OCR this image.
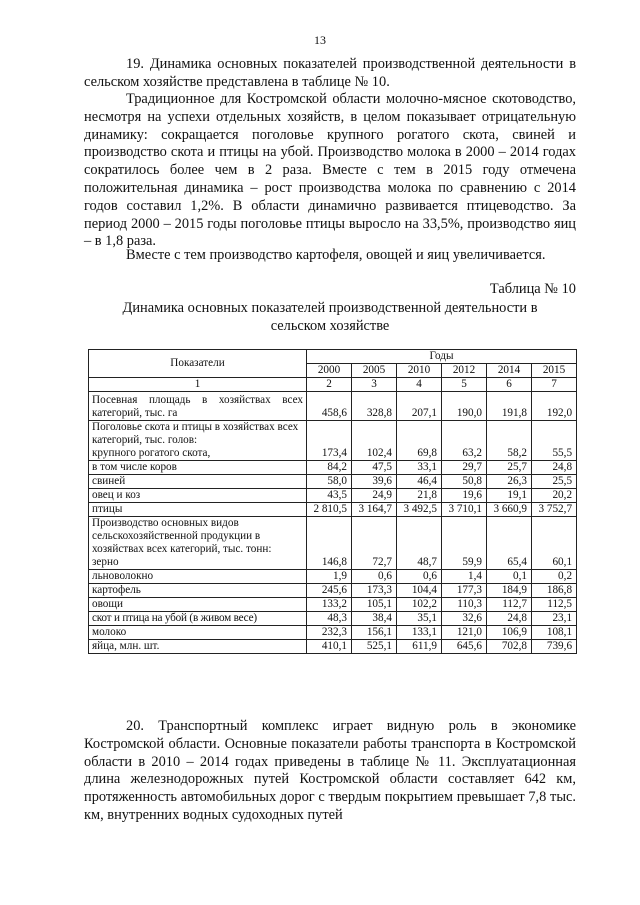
13

19. Динамика основных показателей производственной деятельности в сельском хозяйстве представлена в таблице № 10.

Традиционное для Костромской области молочно-мясное скотоводство, несмотря на успехи отдельных хозяйств, в целом показывает отрицательную динамику: сокращается поголовье крупного рогатого скота, свиней и производство скота и птицы на убой. Производство молока в 2000 – 2014 годах сократилось более чем в 2 раза. Вместе с тем в 2015 году отмечена положительная динамика – рост производства молока по сравнению с 2014 годов составил 1,2%. В области динамично развивается птицеводство. За период 2000 – 2015 годы поголовье птицы выросло на 33,5%, производство яиц – в 1,8 раза.

Вместе с тем производство картофеля, овощей и яиц увеличивается.

Таблица № 10
Динамика основных показателей производственной деятельности в сельском хозяйстве
Показатели	Годы					
	2000	2005	2010	2012	2014	2015
1	2	3	4	5	6	7
Посевная площадь в хозяйствах всех категорий, тыс. га	458,6	328,8	207,1	190,0	191,8	192,0

Поголовье скота и птицы в хозяйствах всех категорий, тыс. голов:
крупного рогатого скота,	173,4	102,4	69,8	63,2	58,2	55,5
в том числе коров	84,2	47,5	33,1	29,7	25,7	24,8
свиней	58,0	39,6	46,4	50,8	26,3	25,5
овец и коз	43,5	24,9	21,8	19,6	19,1	20,2
птицы	2 810,5	3 164,7	3 492,5	3 710,1	3 660,9	3 752,7

Производство основных видов сельскохозяйственной продукции в хозяйствах всех категорий, тыс. тонн:
зерно	146,8	72,7	48,7	59,9	65,4	60,1
льноволокно	1,9	0,6	0,6	1,4	0,1	0,2
картофель	245,6	173,3	104,4	177,3	184,9	186,8
овощи	133,2	105,1	102,2	110,3	112,7	112,5
скот и птица на убой (в живом весе)	48,3	38,4	35,1	32,6	24,8	23,1
молоко	232,3	156,1	133,1	121,0	106,9	108,1
яйца, млн. шт.	410,1	525,1	611,9	645,6	702,8	739,6

20. Транспортный комплекс играет видную роль в экономике Костромской области. Основные показатели работы транспорта в Костромской области в 2010 – 2014 годах приведены в таблице № 11. Эксплуатационная длина железнодорожных путей Костромской области составляет 642 км, протяженность автомобильных дорог с твердым покрытием превышает 7,8 тыс. км, внутренних водных судоходных путей
